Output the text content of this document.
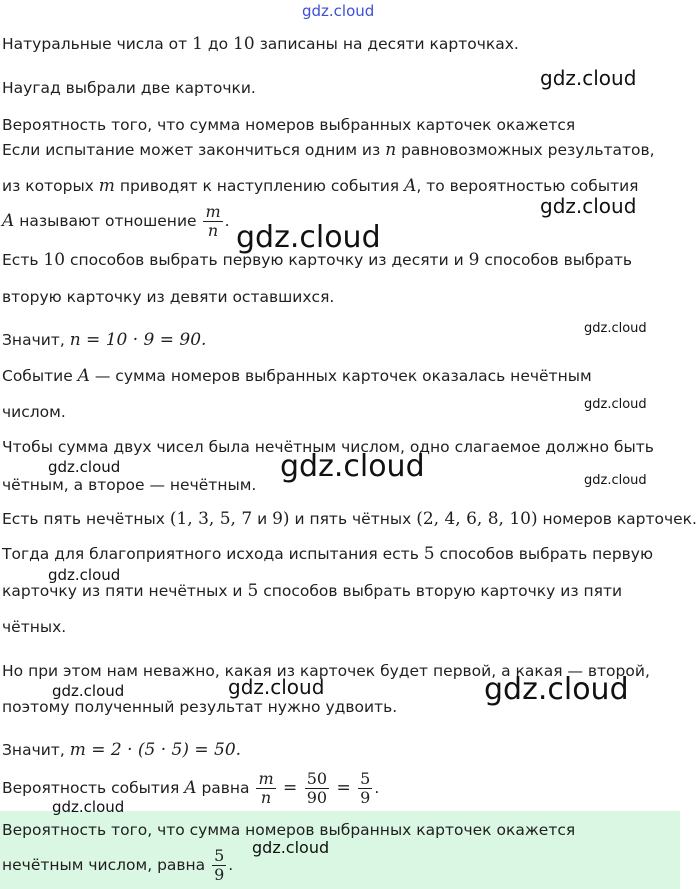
gdz.cloud
Натуральные числа от 1 до 10 записаны на десяти карточках.
Наугад выбрали две карточки.
Вероятность того, что сумма номеров выбранных карточек окажется
Если испытание может закончиться одним из n равновозможных результатов,
из которых m приводят к наступлению события A, то вероятностью события
A называют отношение $\frac{m}{n}$ .
Есть 10 способов выбрать первую карточку из десяти и 9 способов выбрать
вторую карточку из девяти оставшихся.
Значит, n = 10 · 9 = 90.
Событие A — сумма номеров выбранных карточек оказалась нечётным
числом.
Чтобы сумма двух чисел была нечётным числом, одно слагаемое должно быть
чётным, а второе — нечётным.
Есть пять нечётных (1, 3, 5, 7 и 9) и пять чётных (2, 4, 6, 8, 10) номеров карточек.
Тогда для благоприятного исхода испытания есть 5 способов выбрать первую
карточку из пяти нечётных и 5 способов выбрать вторую карточку из пяти
чётных.
Но при этом нам неважно, какая из карточек будет первой, а какая — второй,
поэтому полученный результат нужно удвоить.
Значит, m = 2 · (5 · 5) = 50.
Вероятность события A равна $\frac{m}{n} = \frac{50}{90} = \frac{5}{9}$ .
Вероятность того, что сумма номеров выбранных карточек окажется
нечётным числом, равна $\frac{5}{9}$ .
gdz.cloud
gdz.cloud
gdz.cloud
gdz.cloud
gdz.cloud
gdz.cloud	gdz.cloud	gdz.cloud
gdz.cloud
gdz.cloud	gdz.cloud	gdz.cloud
gdz.cloud
gdz.cloud
